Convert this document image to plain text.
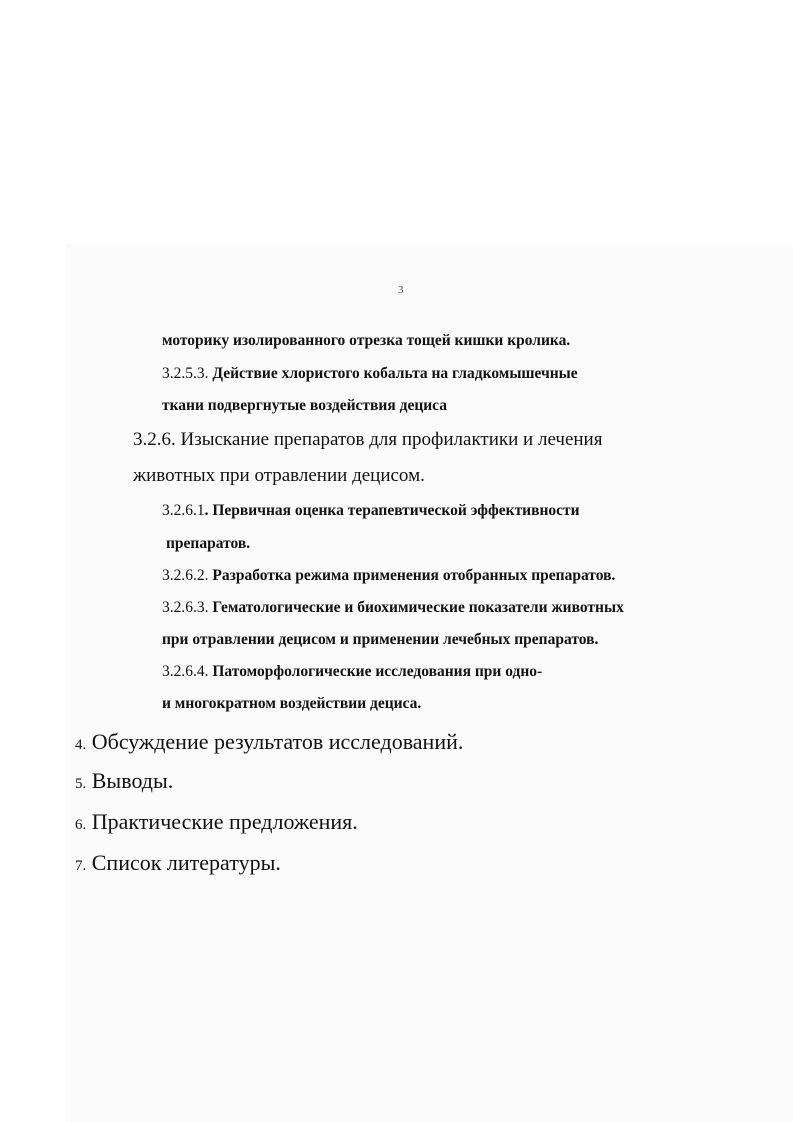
3
моторику изолированного отрезка тощей кишки кролика.
3.2.5.3. Действие хлористого кобальта на гладкомышечные
ткани подвергнутые воздействия дециса
3.2.6. Изыскание препаратов для профилактики и лечения
животных при отравлении децисом.
3.2.6.1. Первичная оценка терапевтической эффективности
препаратов.
3.2.6.2. Разработка режима применения отобранных препаратов.
3.2.6.3. Гематологические и биохимические показатели животных
при отравлении децисом и применении лечебных препаратов.
3.2.6.4. Патоморфологические исследования при одно-
и многократном воздействии дециса.
4. Обсуждение результатов исследований.
5. Выводы.
6. Практические предложения.
7. Список литературы.
